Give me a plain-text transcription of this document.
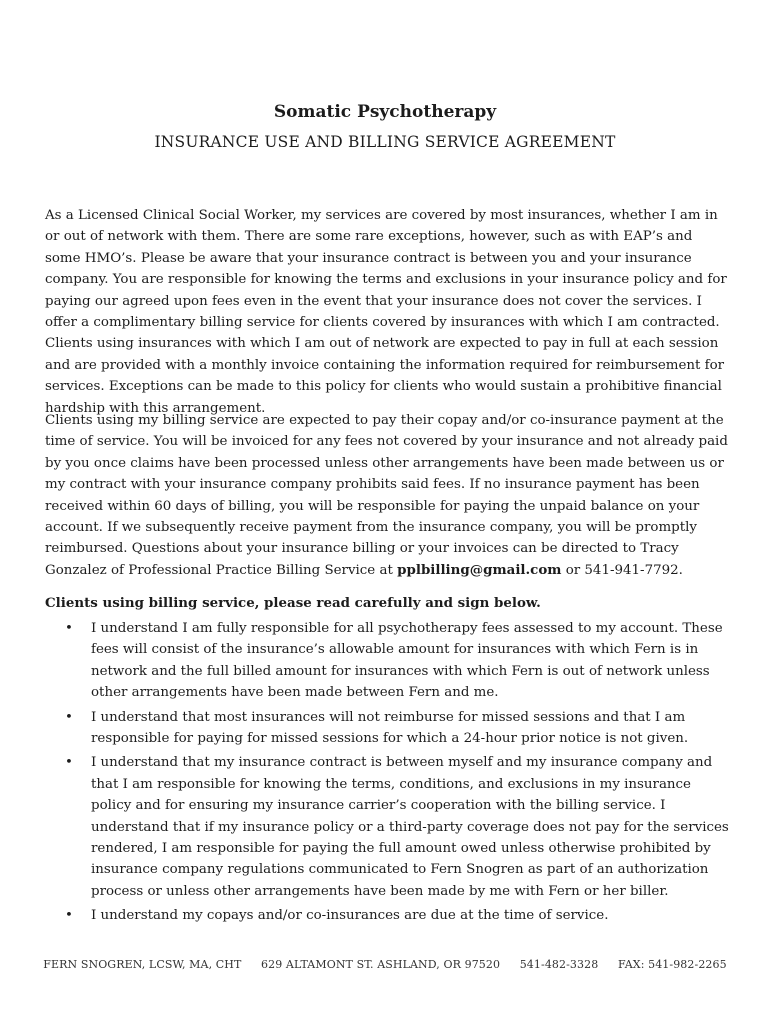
Somatic Psychotherapy
INSURANCE USE AND BILLING SERVICE AGREEMENT
As a Licensed Clinical Social Worker, my services are covered by most insurances, whether I am in or out of network with them. There are some rare exceptions, however, such as with EAP’s and some HMO’s. Please be aware that your insurance contract is between you and your insurance company. You are responsible for knowing the terms and exclusions in your insurance policy and for paying our agreed upon fees even in the event that your insurance does not cover the services. I offer a complimentary billing service for clients covered by insurances with which I am contracted. Clients using insurances with which I am out of network are expected to pay in full at each session and are provided with a monthly invoice containing the information required for reimbursement for services. Exceptions can be made to this policy for clients who would sustain a prohibitive financial hardship with this arrangement.
Clients using my billing service are expected to pay their copay and/or co-insurance payment at the time of service. You will be invoiced for any fees not covered by your insurance and not already paid by you once claims have been processed unless other arrangements have been made between us or my contract with your insurance company prohibits said fees. If no insurance payment has been received within 60 days of billing, you will be responsible for paying the unpaid balance on your account. If we subsequently receive payment from the insurance company, you will be promptly reimbursed. Questions about your insurance billing or your invoices can be directed to Tracy Gonzalez of Professional Practice Billing Service at pplbilling@gmail.com or 541-941-7792.
Clients using billing service, please read carefully and sign below.
• I understand I am fully responsible for all psychotherapy fees assessed to my account. These fees will consist of the insurance’s allowable amount for insurances with which Fern is in network and the full billed amount for insurances with which Fern is out of network unless other arrangements have been made between Fern and me.
• I understand that most insurances will not reimburse for missed sessions and that I am responsible for paying for missed sessions for which a 24-hour prior notice is not given.
• I understand that my insurance contract is between myself and my insurance company and that I am responsible for knowing the terms, conditions, and exclusions in my insurance policy and for ensuring my insurance carrier’s cooperation with the billing service. I understand that if my insurance policy or a third-party coverage does not pay for the services rendered, I am responsible for paying the full amount owed unless otherwise prohibited by insurance company regulations communicated to Fern Snogren as part of an authorization process or unless other arrangements have been made by me with Fern or her biller.
• I understand my copays and/or co-insurances are due at the time of service.
FERN SNOGREN, LCSW, MA, CHT 629 ALTAMONT ST. ASHLAND, OR 97520 541-482-3328 FAX: 541-982-2265
